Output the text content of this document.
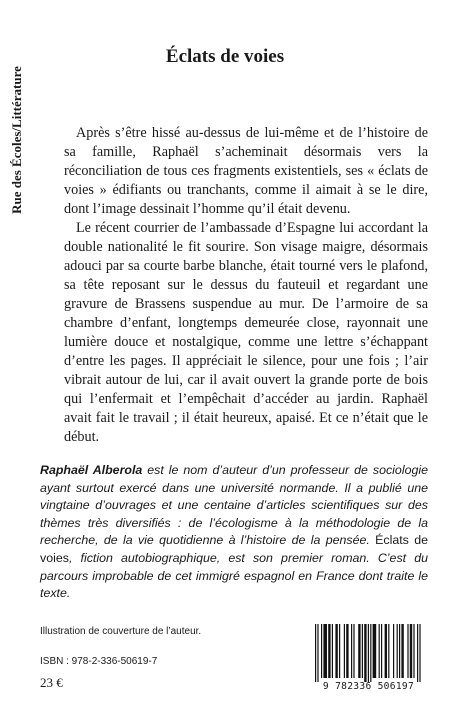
Rue des Écoles/Littérature
Éclats de voies

Après s’être hissé au-dessus de lui-même et de l’histoire de sa famille, Raphaël s’acheminait désormais vers la réconciliation de tous ces fragments existentiels, ses « éclats de voies » édifiants ou tranchants, comme il aimait à se le dire, dont l’image dessinait l’homme qu’il était devenu.

Le récent courrier de l’ambassade d’Espagne lui accordant la double nationalité le fit sourire. Son visage maigre, désormais adouci par sa courte barbe blanche, était tourné vers le plafond, sa tête reposant sur le dessus du fauteuil et regardant une gravure de Brassens suspendue au mur. De l’armoire de sa chambre d’enfant, longtemps demeurée close, rayonnait une lumière douce et nostalgique, comme une lettre s’échappant d’entre les pages. Il appréciait le silence, pour une fois ; l’air vibrait autour de lui, car il avait ouvert la grande porte de bois qui l’enfermait et l’empêchait d’accéder au jardin. Raphaël avait fait le travail ; il était heureux, apaisé. Et ce n’était que le début.

Raphaël Alberola est le nom d’auteur d’un professeur de sociologie ayant surtout exercé dans une université normande. Il a publié une vingtaine d’ouvrages et une centaine d’articles scientifiques sur des thèmes très diversifiés : de l’écologisme à la méthodologie de la recherche, de la vie quotidienne à l’histoire de la pensée. Éclats de voies, fiction autobiographique, est son premier roman. C’est du parcours improbable de cet immigré espagnol en France dont traite le texte.
Illustration de couverture de l’auteur.
ISBN : 978-2-336-50619-7
23 €	9 782336 506197
